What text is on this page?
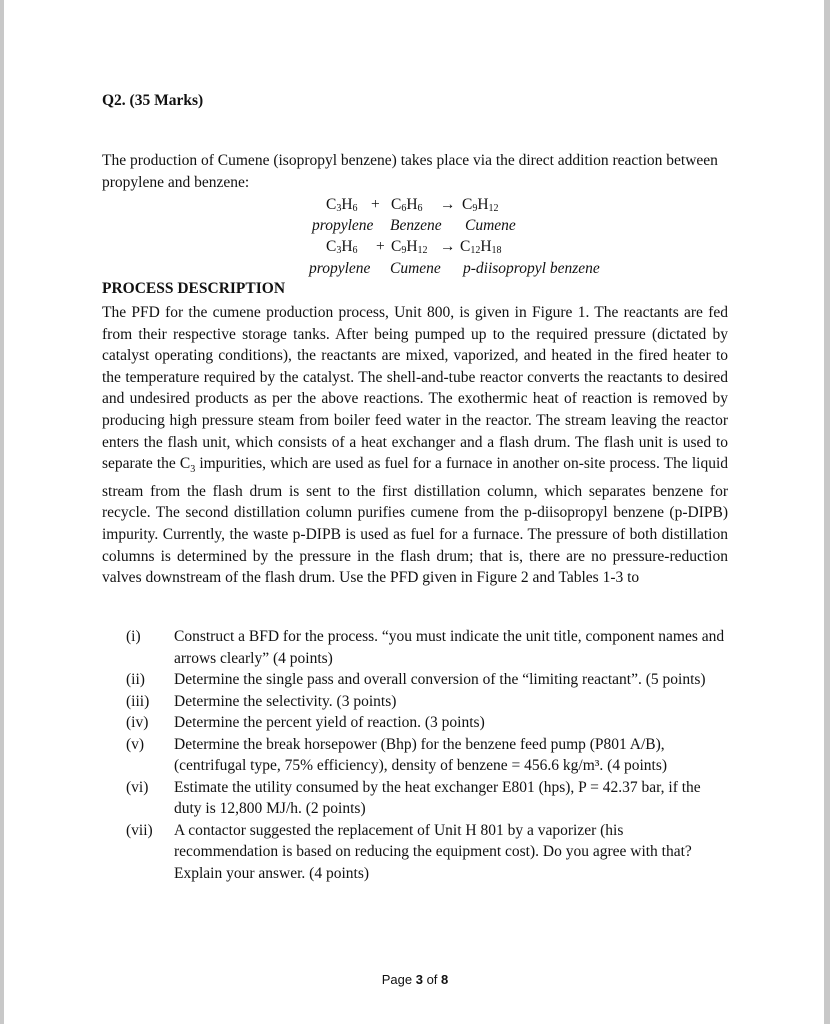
Q2. (35 Marks)
The production of Cumene (isopropyl benzene) takes place via the direct addition reaction between propylene and benzene:
$C_3H_6 + C_6H_6 \to C_9H_{12}$
propylene Benzene Cumene
$C_3H_6 + C_9H_{12} \to C_{12}H_{18}$
propylene Cumene p-diisopropyl benzene
PROCESS DESCRIPTION
The PFD for the cumene production process, Unit 800, is given in Figure 1. The reactants are fed from their respective storage tanks. After being pumped up to the required pressure (dictated by catalyst operating conditions), the reactants are mixed, vaporized, and heated in the fired heater to the temperature required by the catalyst. The shell-and-tube reactor converts the reactants to desired and undesired products as per the above reactions. The exothermic heat of reaction is removed by producing high pressure steam from boiler feed water in the reactor. The stream leaving the reactor enters the flash unit, which consists of a heat exchanger and a flash drum. The flash unit is used to separate the $C_3$ impurities, which are used as fuel for a furnace in another on-site process. The liquid stream from the flash drum is sent to the first distillation column, which separates benzene for recycle. The second distillation column purifies cumene from the p-diisopropyl benzene (p-DIPB) impurity. Currently, the waste p-DIPB is used as fuel for a furnace. The pressure of both distillation columns is determined by the pressure in the flash drum; that is, there are no pressure-reduction valves downstream of the flash drum. Use the PFD given in Figure 2 and Tables 1-3 to
(i)	Construct a BFD for the process. “you must indicate the unit title, component names and arrows clearly” (4 points)
(ii)	Determine the single pass and overall conversion of the “limiting reactant”. (5 points)
(iii)	Determine the selectivity. (3 points)
(iv)	Determine the percent yield of reaction. (3 points)
(v)	Determine the break horsepower (Bhp) for the benzene feed pump (P801 A/B), (centrifugal type, 75% efficiency), density of benzene = 456.6 kg/m³. (4 points)
(vi)	Estimate the utility consumed by the heat exchanger E801 (hps), P = 42.37 bar, if the duty is 12,800 MJ/h. (2 points)
(vii)	A contactor suggested the replacement of Unit H 801 by a vaporizer (his recommendation is based on reducing the equipment cost). Do you agree with that? Explain your answer. (4 points)
Page 3 of 8
